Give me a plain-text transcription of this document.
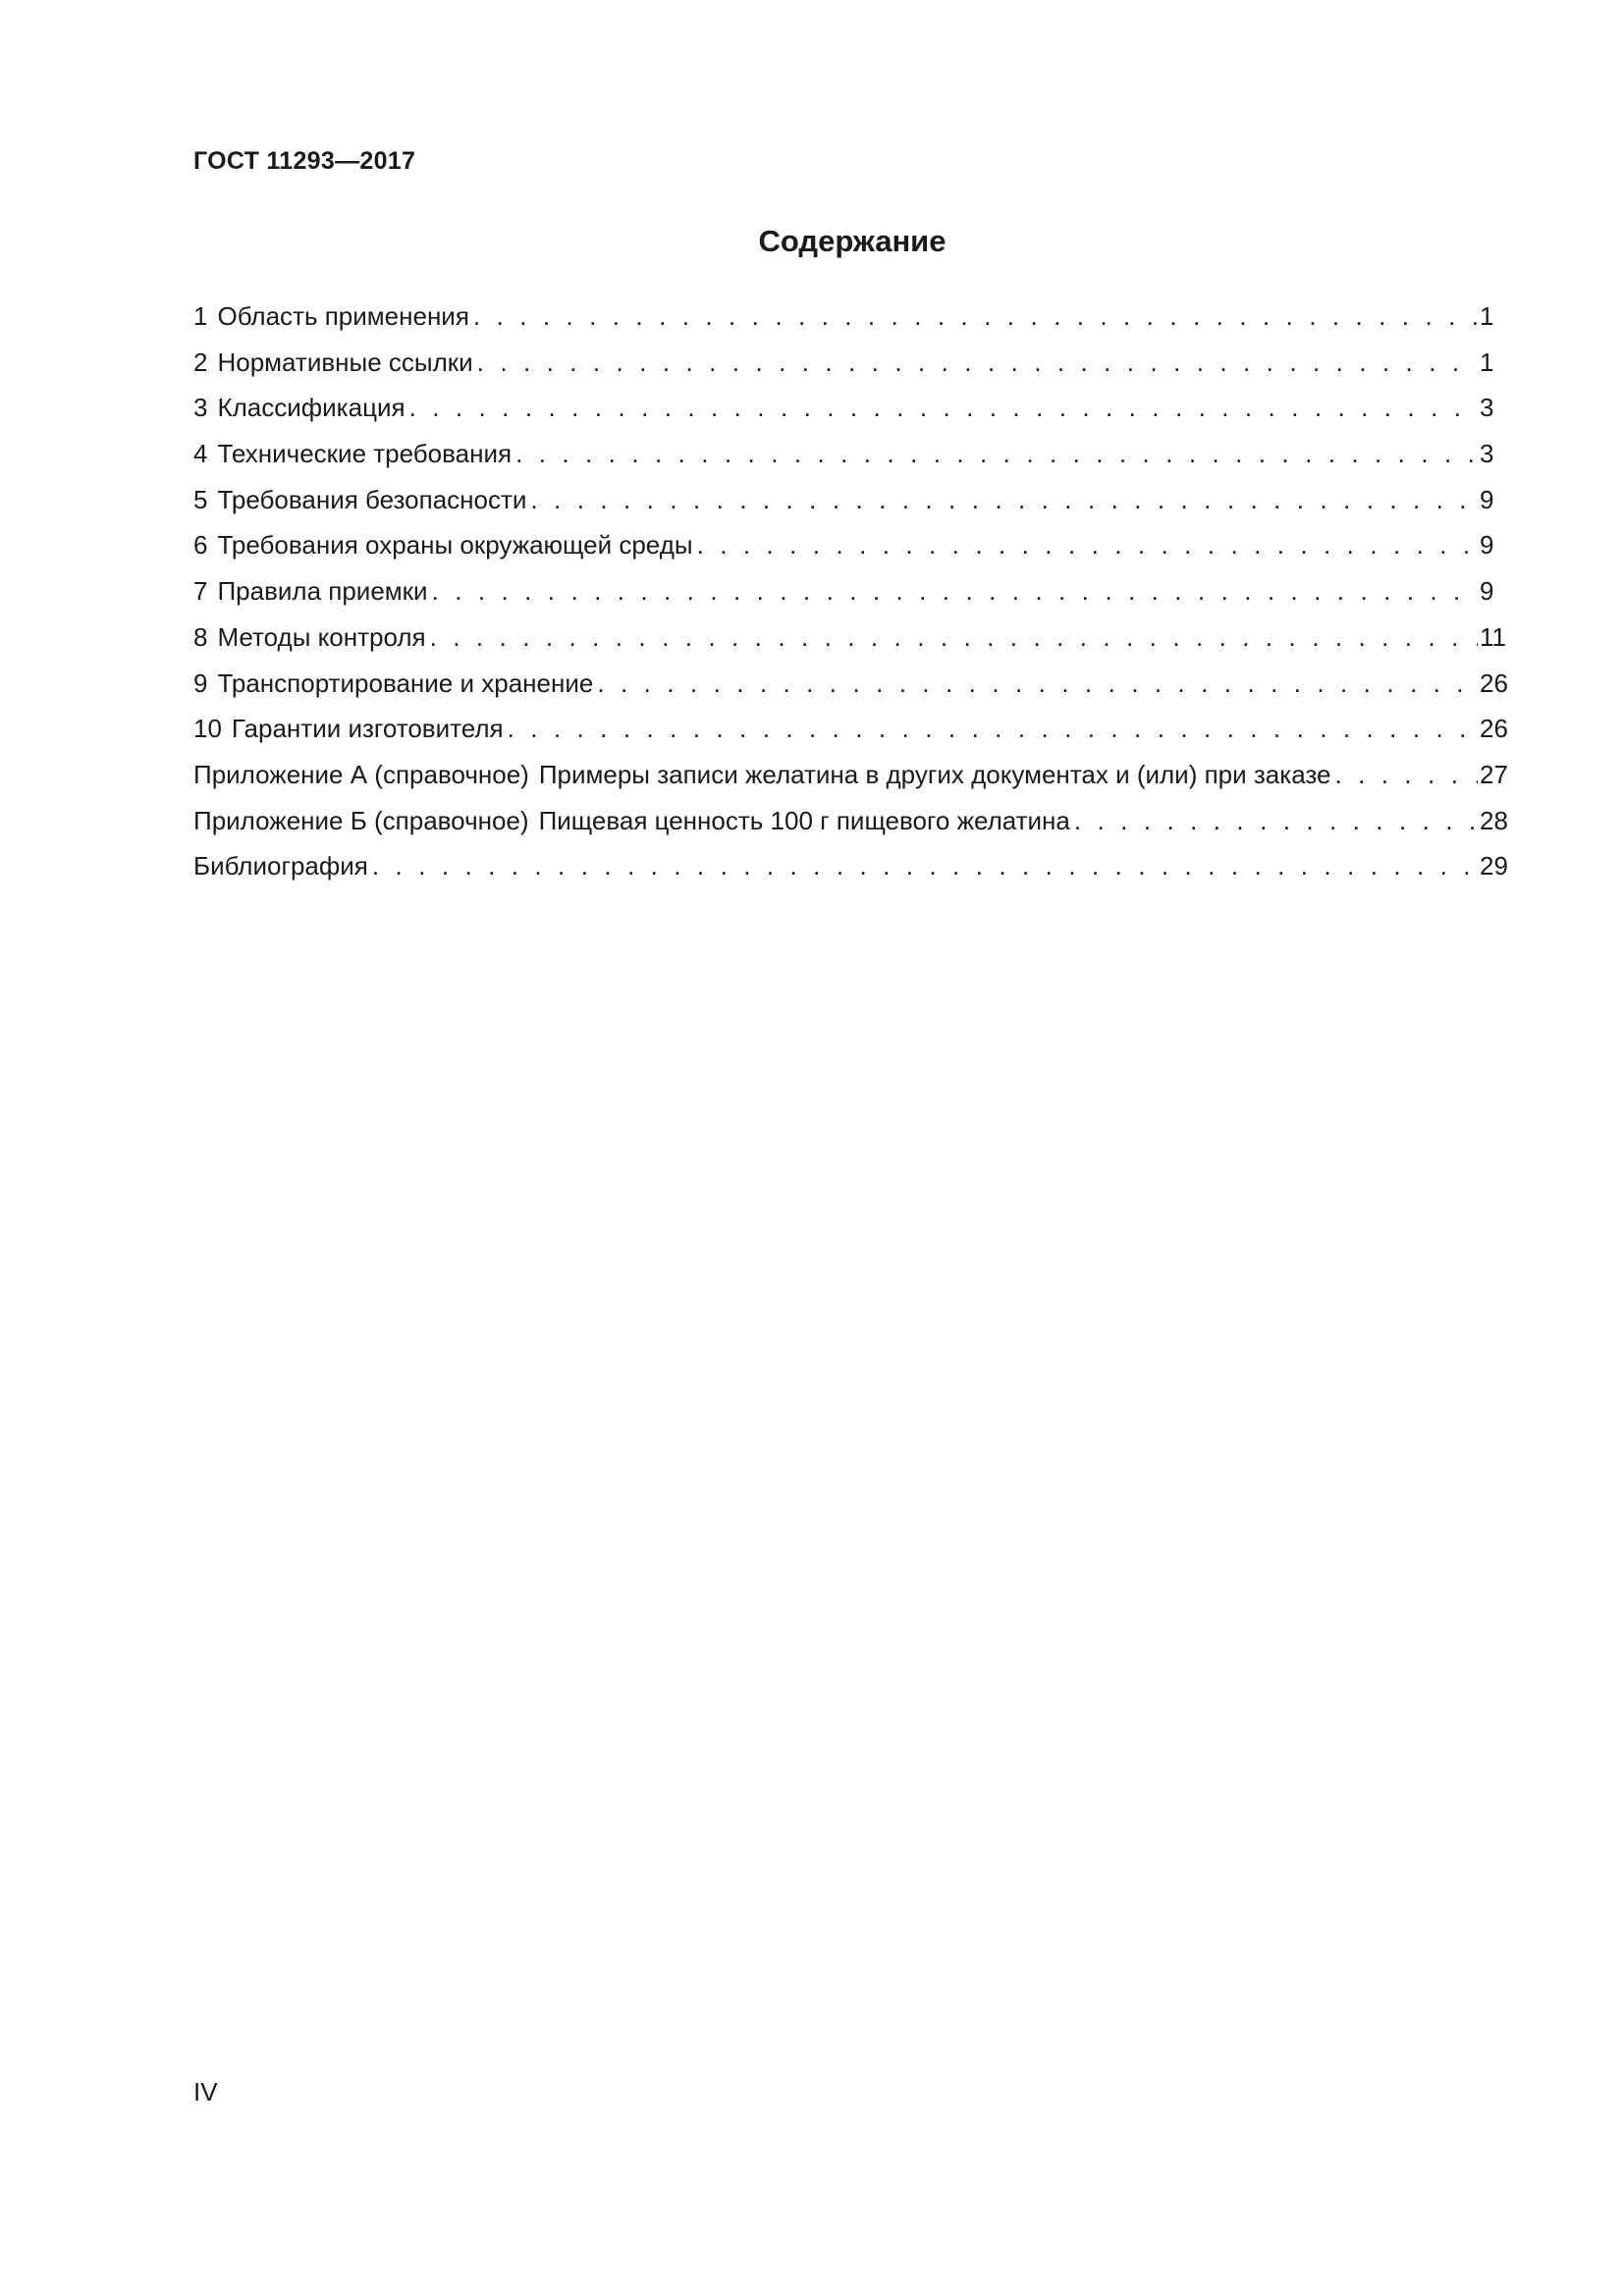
ГОСТ 11293—2017

Содержание
1 Область применения . . .	1
2 Нормативные ссылки . . .	1
3 Классификация . . .	3
4 Технические требования . . .	3
5 Требования безопасности . . .	9
6 Требования охраны окружающей среды . . .	9
7 Правила приемки . . .	9
8 Методы контроля . . .	11
9 Транспортирование и хранение . . .	26
10 Гарантии изготовителя . . .	26
Приложение А (справочное) Примеры записи желатина в других документах и (или) при заказе . . .	27
Приложение Б (справочное) Пищевая ценность 100 г пищевого желатина . . .	28
Библиография . . .	29

IV
